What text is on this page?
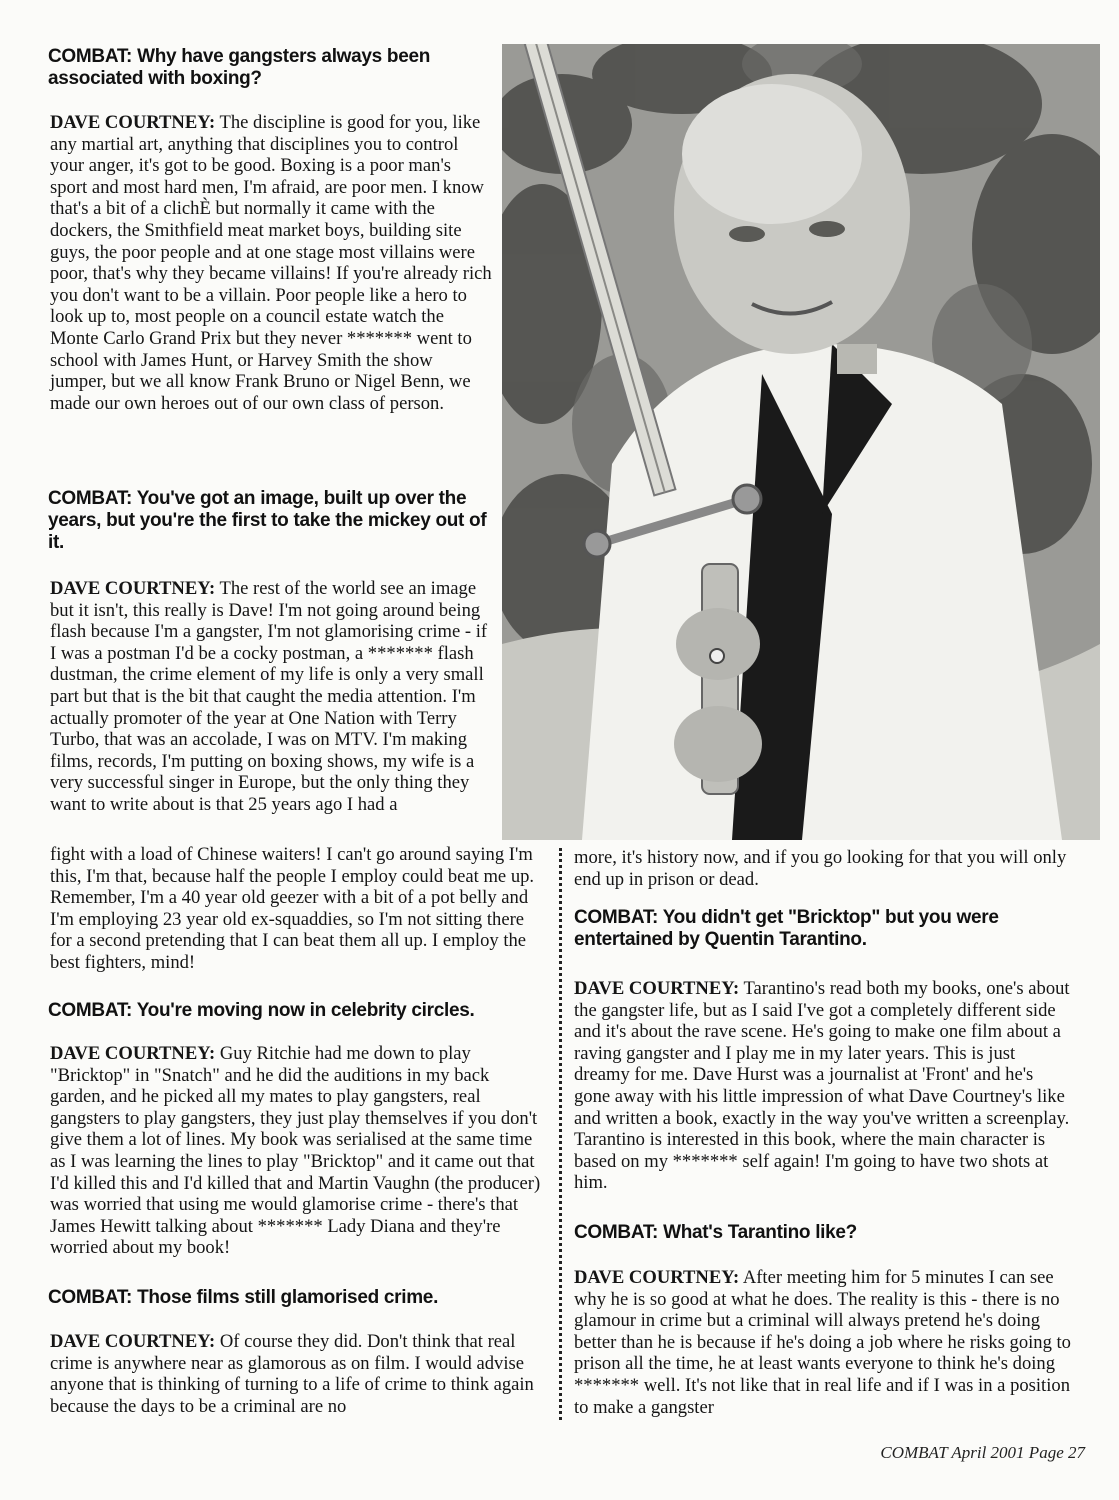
COMBAT: Why have gangsters always been associated with boxing?

DAVE COURTNEY: The discipline is good for you, like any martial art, anything that disciplines you to control your anger, it's got to be good. Boxing is a poor man's sport and most hard men, I'm afraid, are poor men. I know that's a bit of a clichÈ but normally it came with the dockers, the Smithfield meat market boys, building site guys, the poor people and at one stage most villains were poor, that's why they became villains! If you're already rich you don't want to be a villain. Poor people like a hero to look up to, most people on a council estate watch the Monte Carlo Grand Prix but they never ******* went to school with James Hunt, or Harvey Smith the show jumper, but we all know Frank Bruno or Nigel Benn, we made our own heroes out of our own class of person.

COMBAT: You've got an image, built up over the years, but you're the first to take the mickey out of it.

DAVE COURTNEY: The rest of the world see an image but it isn't, this really is Dave! I'm not going around being flash because I'm a gangster, I'm not glamorising crime - if I was a postman I'd be a cocky postman, a ******* flash dustman, the crime element of my life is only a very small part but that is the bit that caught the media attention. I'm actually promoter of the year at One Nation with Terry Turbo, that was an accolade, I was on MTV. I'm making films, records, I'm putting on boxing shows, my wife is a very successful singer in Europe, but the only thing they want to write about is that 25 years ago I had a

fight with a load of Chinese waiters! I can't go around saying I'm this, I'm that, because half the people I employ could beat me up. Remember, I'm a 40 year old geezer with a bit of a pot belly and I'm employing 23 year old ex-squaddies, so I'm not sitting there for a second pretending that I can beat them all up. I employ the best fighters, mind!

COMBAT: You're moving now in celebrity circles.

DAVE COURTNEY: Guy Ritchie had me down to play "Bricktop" in "Snatch" and he did the auditions in my back garden, and he picked all my mates to play gangsters, real gangsters to play gangsters, they just play themselves if you don't give them a lot of lines. My book was serialised at the same time as I was learning the lines to play "Bricktop" and it came out that I'd killed this and I'd killed that and Martin Vaughn (the producer) was worried that using me would glamorise crime - there's that James Hewitt talking about ******* Lady Diana and they're worried about my book!

COMBAT: Those films still glamorised crime.

DAVE COURTNEY: Of course they did. Don't think that real crime is anywhere near as glamorous as on film. I would advise anyone that is thinking of turning to a life of crime to think again because the days to be a criminal are no

more, it's history now, and if you go looking for that you will only end up in prison or dead.

COMBAT: You didn't get "Bricktop" but you were entertained by Quentin Tarantino.

DAVE COURTNEY: Tarantino's read both my books, one's about the gangster life, but as I said I've got a completely different side and it's about the rave scene. He's going to make one film about a raving gangster and I play me in my later years. This is just dreamy for me. Dave Hurst was a journalist at 'Front' and he's gone away with his little impression of what Dave Courtney's like and written a book, exactly in the way you've written a screenplay. Tarantino is interested in this book, where the main character is based on my ******* self again! I'm going to have two shots at him.

COMBAT: What's Tarantino like?

DAVE COURTNEY: After meeting him for 5 minutes I can see why he is so good at what he does. The reality is this - there is no glamour in crime but a criminal will always pretend he's doing better than he is because if he's doing a job where he risks going to prison all the time, he at least wants everyone to think he's doing ******* well. It's not like that in real life and if I was in a position to make a gangster

COMBAT April 2001 Page 27
